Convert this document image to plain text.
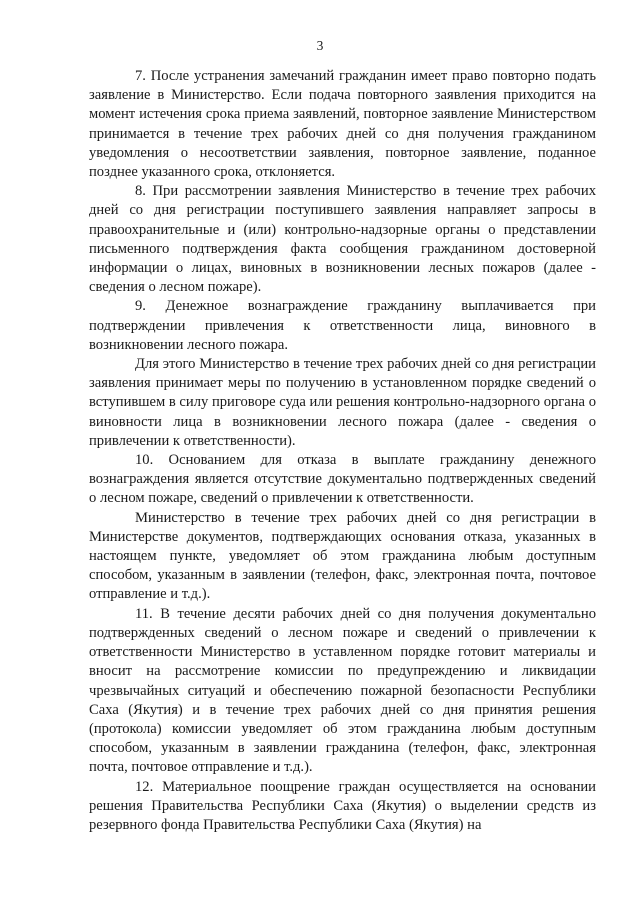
3

7. После устранения замечаний гражданин имеет право повторно подать заявление в Министерство. Если подача повторного заявления приходится на момент истечения срока приема заявлений, повторное заявление Министерством принимается в течение трех рабочих дней со дня получения гражданином уведомления о несоответствии заявления, повторное заявление, поданное позднее указанного срока, отклоняется.

8. При рассмотрении заявления Министерство в течение трех рабочих дней со дня регистрации поступившего заявления направляет запросы в правоохранительные и (или) контрольно-надзорные органы о представлении письменного подтверждения факта сообщения гражданином достоверной информации о лицах, виновных в возникновении лесных пожаров (далее - сведения о лесном пожаре).

9. Денежное вознаграждение гражданину выплачивается при подтверждении привлечения к ответственности лица, виновного в возникновении лесного пожара.

Для этого Министерство в течение трех рабочих дней со дня регистрации заявления принимает меры по получению в установленном порядке сведений о вступившем в силу приговоре суда или решения контрольно-надзорного органа о виновности лица в возникновении лесного пожара (далее - сведения о привлечении к ответственности).

10. Основанием для отказа в выплате гражданину денежного вознаграждения является отсутствие документально подтвержденных сведений о лесном пожаре, сведений о привлечении к ответственности.

Министерство в течение трех рабочих дней со дня регистрации в Министерстве документов, подтверждающих основания отказа, указанных в настоящем пункте, уведомляет об этом гражданина любым доступным способом, указанным в заявлении (телефон, факс, электронная почта, почтовое отправление и т.д.).

11. В течение десяти рабочих дней со дня получения документально подтвержденных сведений о лесном пожаре и сведений о привлечении к ответственности Министерство в уставленном порядке готовит материалы и вносит на рассмотрение комиссии по предупреждению и ликвидации чрезвычайных ситуаций и обеспечению пожарной безопасности Республики Саха (Якутия) и в течение трех рабочих дней со дня принятия решения (протокола) комиссии уведомляет об этом гражданина любым доступным способом, указанным в заявлении гражданина (телефон, факс, электронная почта, почтовое отправление и т.д.).

12. Материальное поощрение граждан осуществляется на основании решения Правительства Республики Саха (Якутия) о выделении средств из резервного фонда Правительства Республики Саха (Якутия) на
